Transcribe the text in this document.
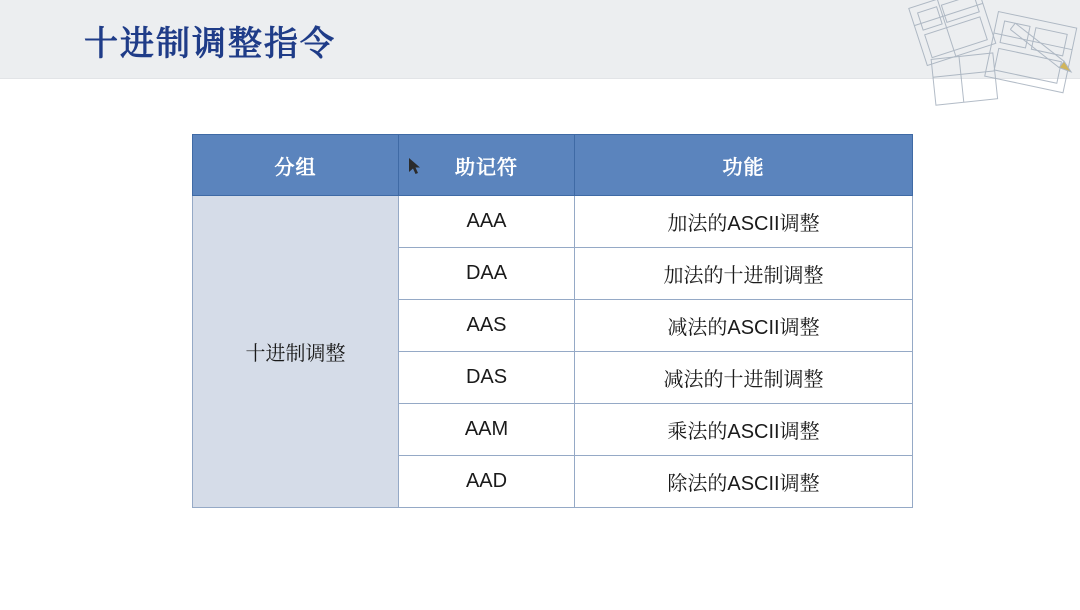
十进制调整指令
分组	助记符	功能
十进制调整	AAA	加法的ASCII调整
	DAA	加法的十进制调整
	AAS	减法的ASCII调整
	DAS	减法的十进制调整
	AAM	乘法的ASCII调整
	AAD	除法的ASCII调整
